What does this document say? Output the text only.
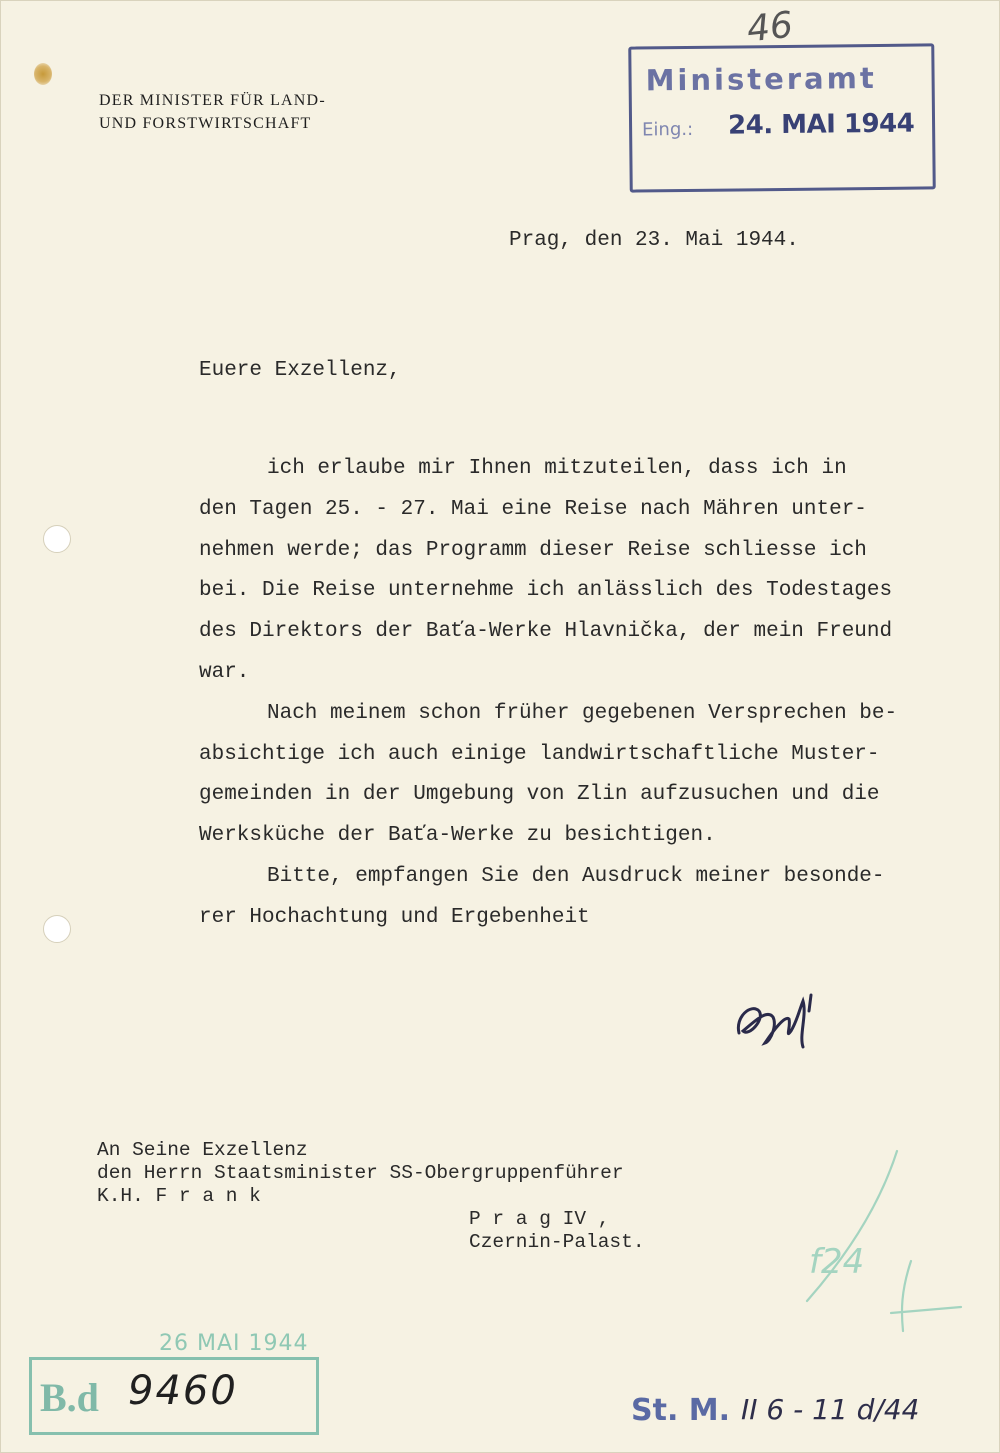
DER MINISTER FÜR LAND-
UND FORSTWIRTSCHAFT
46
Ministeramt
Eing.: 24. MAI 1944
Prag, den 23. Mai 1944.
Euere Exzellenz,
ich erlaube mir Ihnen mitzuteilen, dass ich in
den Tagen 25. - 27. Mai eine Reise nach Mähren unter-
nehmen werde; das Programm dieser Reise schliesse ich
bei. Die Reise unternehme ich anlässlich des Todestages
des Direktors der Baťa-Werke Hlavnička, der mein Freund
war.
Nach meinem schon früher gegebenen Versprechen be-
absichtige ich auch einige landwirtschaftliche Muster-
gemeinden in der Umgebung von Zlin aufzusuchen und die
Werksküche der Baťa-Werke zu besichtigen.
Bitte, empfangen Sie den Ausdruck meiner besonde-
rer Hochachtung und Ergebenheit
An Seine Exzellenz
den Herrn Staatsminister SS-Obergruppenführer
K.H. F r a n k
P r a g IV ,
Czernin-Palast.	f24
26 MAI 1944
B.d 9460	St. M. II 6 - 11 d/44
